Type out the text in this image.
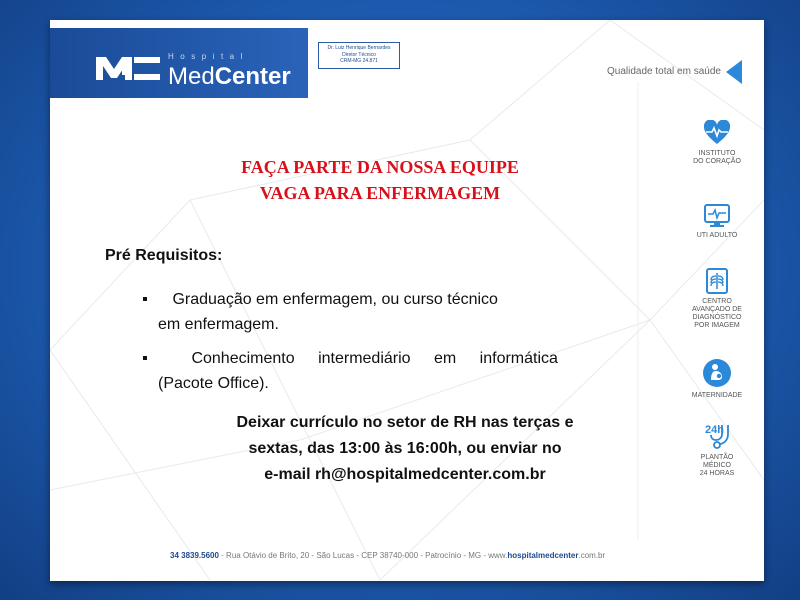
Hospital
MedCenter
Dr. Luiz Henrique Bernardes
Diretor Técnico
CRM-MG 24.871
Qualidade total em saúde
FAÇA PARTE DA NOSSA EQUIPE
VAGA PARA ENFERMAGEM
Pré Requisitos:
Graduação em enfermagem, ou curso técnico
em enfermagem.
Conhecimento intermediário em informática
(Pacote Office).
Deixar currículo no setor de RH nas terças e
sextas, das 13:00 às 16:00h, ou enviar no
e-mail rh@hospitalmedcenter.com.br
34 3839.5600 - Rua Otávio de Brito, 20 - São Lucas - CEP 38740-000 - Patrocínio - MG - www.hospitalmedcenter.com.br
INSTITUTO
DO CORAÇÃO
UTI ADULTO
CENTRO
AVANÇADO DE
DIAGNÓSTICO
POR IMAGEM
MATERNIDADE
24h
PLANTÃO
MÉDICO
24 HORAS
